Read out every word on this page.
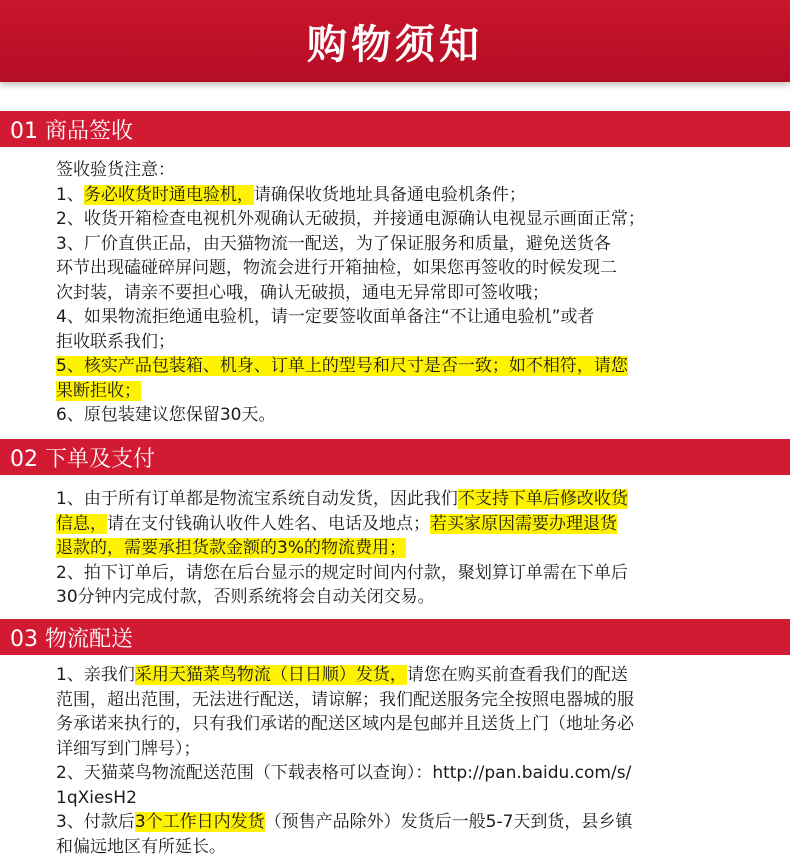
购物须知
01 商品签收
签收验货注意：
1、务必收货时通电验机，请确保收货地址具备通电验机条件；
2、收货开箱检查电视机外观确认无破损，并接通电源确认电视显示画面正常；
3、厂价直供正品，由天猫物流一配送，为了保证服务和质量，避免送货各
环节出现磕碰碎屏问题，物流会进行开箱抽检，如果您再签收的时候发现二
次封装，请亲不要担心哦，确认无破损，通电无异常即可签收哦；
4、如果物流拒绝通电验机，请一定要签收面单备注“不让通电验机”或者
拒收联系我们；
5、核实产品包装箱、机身、订单上的型号和尺寸是否一致；如不相符，请您
果断拒收；
6、原包装建议您保留30天。
02 下单及支付
1、由于所有订单都是物流宝系统自动发货，因此我们不支持下单后修改收货
信息，请在支付钱确认收件人姓名、电话及地点；若买家原因需要办理退货
退款的，需要承担货款金额的3%的物流费用；
2、拍下订单后，请您在后台显示的规定时间内付款，聚划算订单需在下单后
30分钟内完成付款，否则系统将会自动关闭交易。
03 物流配送
1、亲我们采用天猫菜鸟物流（日日顺）发货，请您在购买前查看我们的配送
范围，超出范围，无法进行配送，请谅解；我们配送服务完全按照电器城的服
务承诺来执行的，只有我们承诺的配送区域内是包邮并且送货上门（地址务必
详细写到门牌号）；
2、天猫菜鸟物流配送范围（下载表格可以查询）：http://pan.baidu.com/s/
1qXiesH2
3、付款后3个工作日内发货（预售产品除外）发货后一般5-7天到货，县乡镇
和偏远地区有所延长。
